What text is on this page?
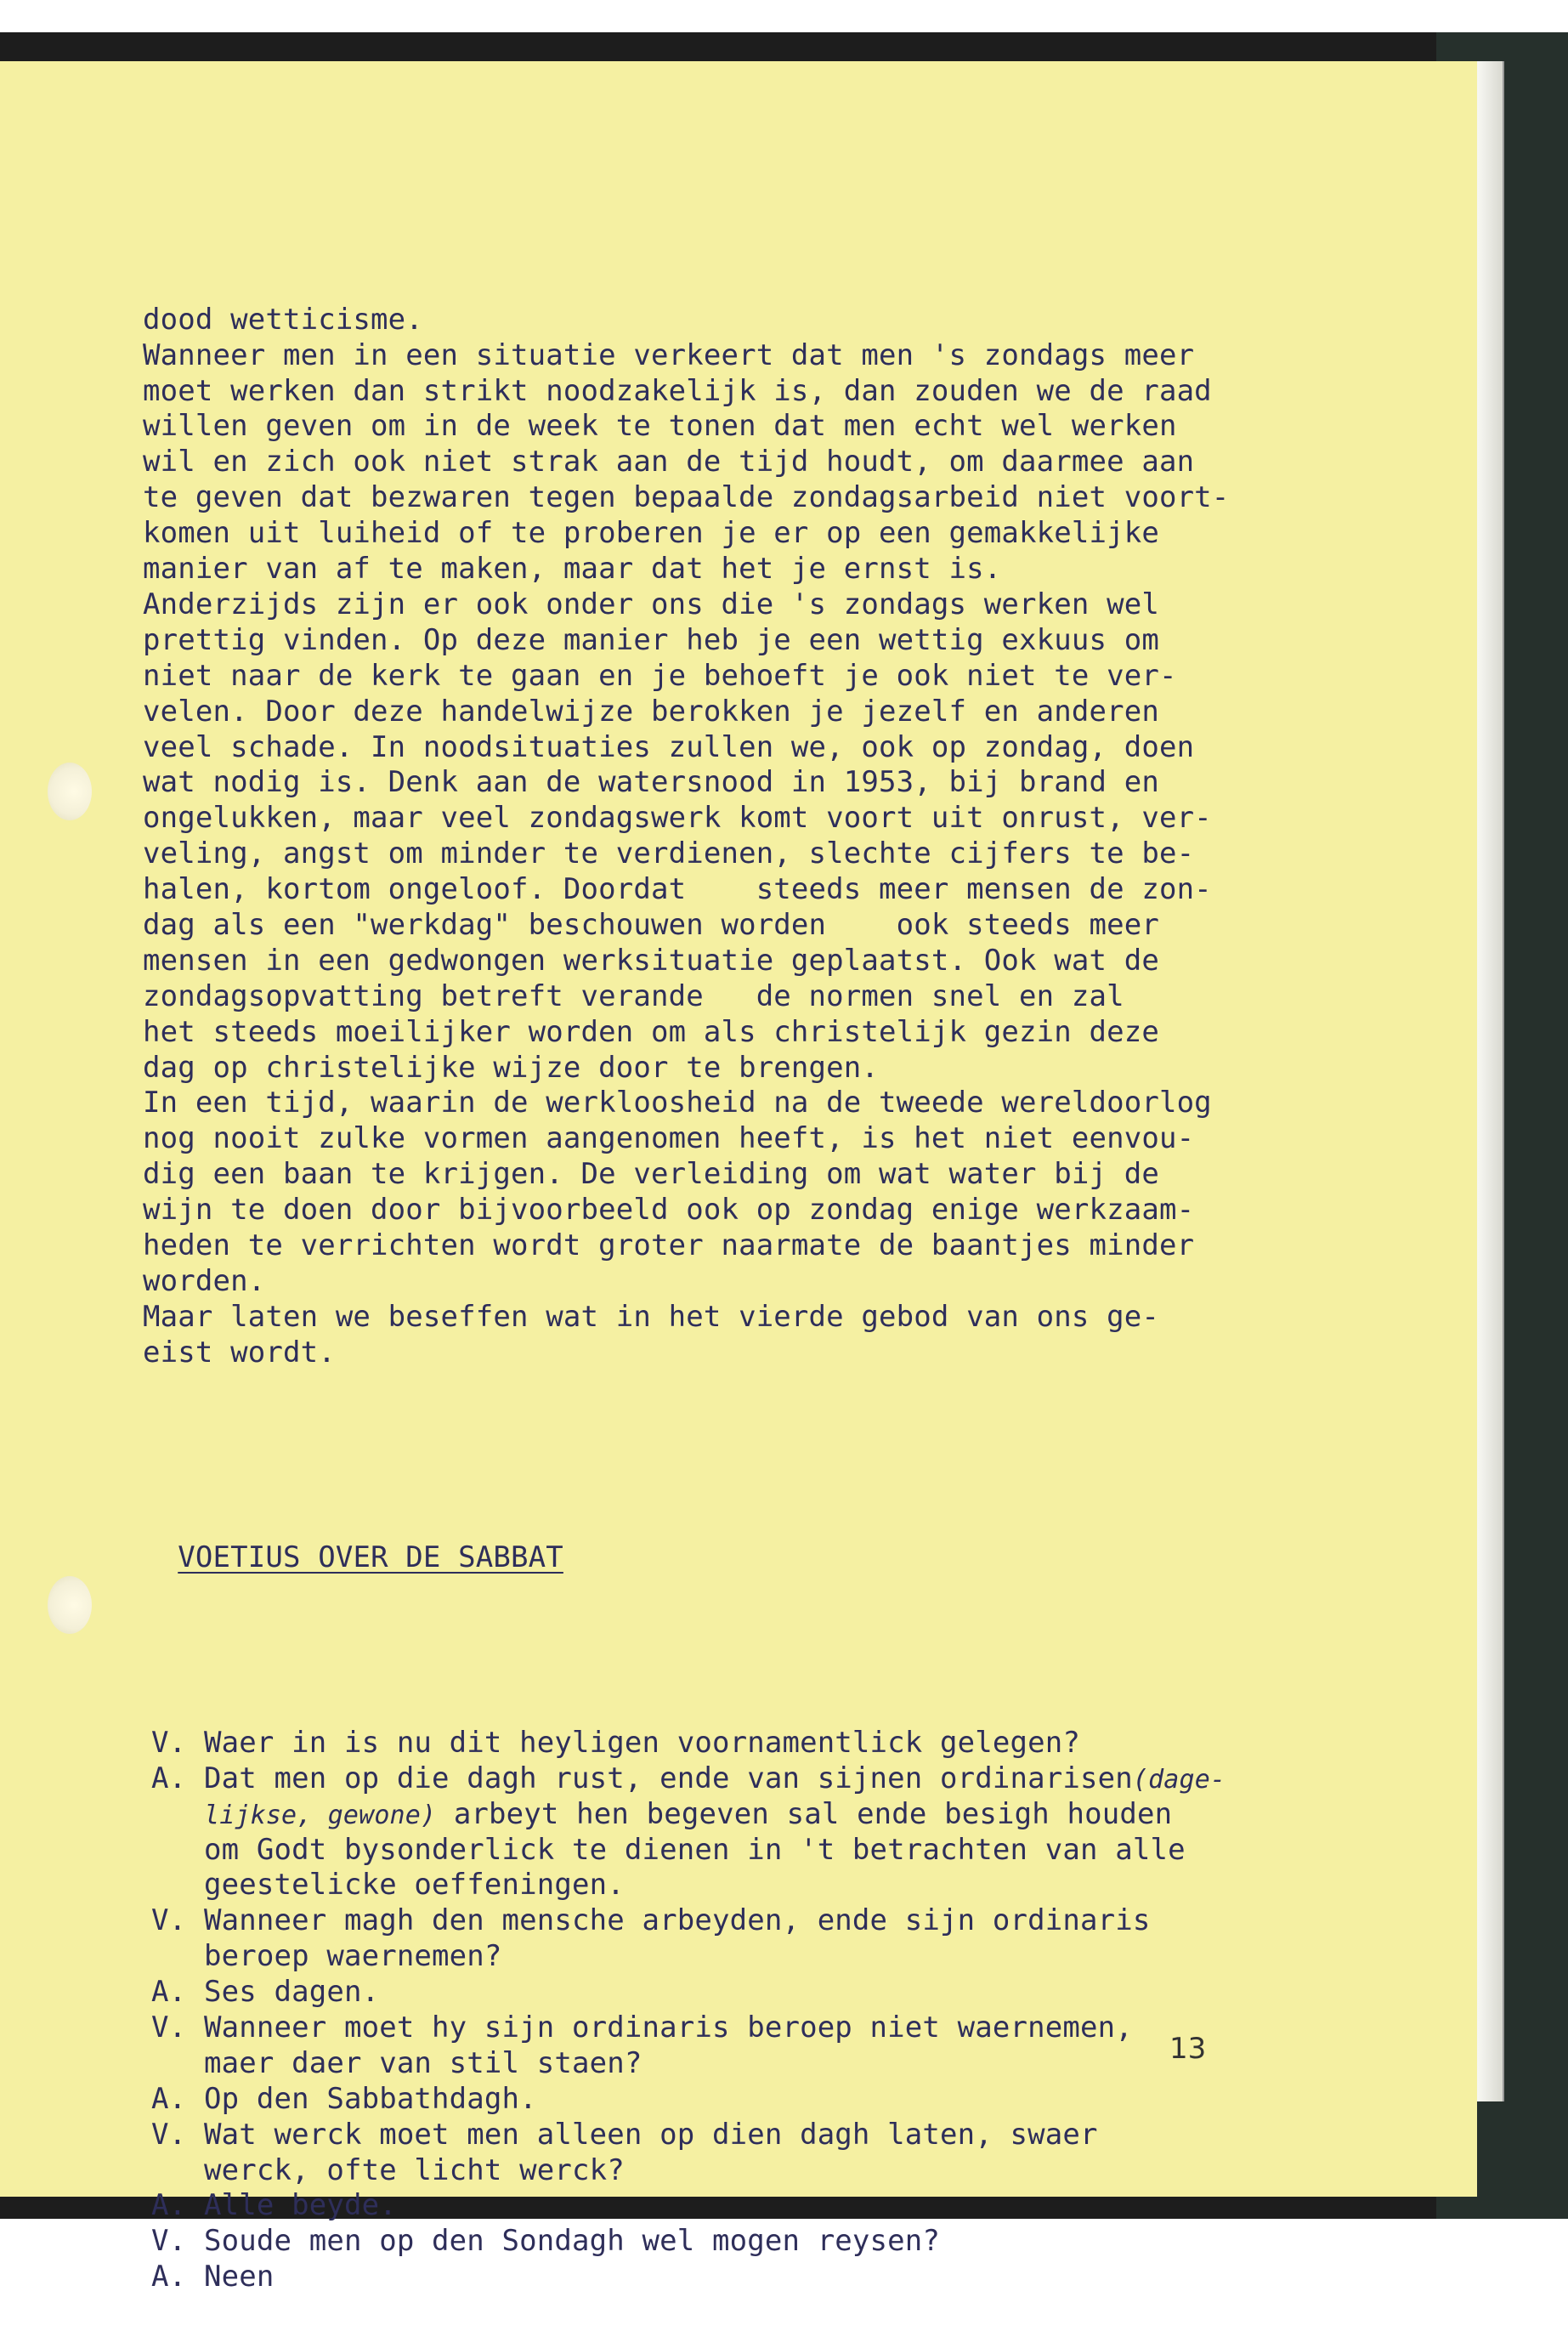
dood wetticisme.
Wanneer men in een situatie verkeert dat men 's zondags meer
moet werken dan strikt noodzakelijk is, dan zouden we de raad
willen geven om in de week te tonen dat men echt wel werken
wil en zich ook niet strak aan de tijd houdt, om daarmee aan
te geven dat bezwaren tegen bepaalde zondagsarbeid niet voort-
komen uit luiheid of te proberen je er op een gemakkelijke
manier van af te maken, maar dat het je ernst is.
Anderzijds zijn er ook onder ons die 's zondags werken wel
prettig vinden. Op deze manier heb je een wettig exkuus om
niet naar de kerk te gaan en je behoeft je ook niet te ver-
velen. Door deze handelwijze berokken je jezelf en anderen
veel schade. In noodsituaties zullen we, ook op zondag, doen
wat nodig is. Denk aan de watersnood in 1953, bij brand en
ongelukken, maar veel zondagswerk komt voort uit onrust, ver-
veling, angst om minder te verdienen, slechte cijfers te be-
halen, kortom ongeloof. Doordat    steeds meer mensen de zon-
dag als een "werkdag" beschouwen worden    ook steeds meer
mensen in een gedwongen werksituatie geplaatst. Ook wat de
zondagsopvatting betreft verande   de normen snel en zal
het steeds moeilijker worden om als christelijk gezin deze
dag op christelijke wijze door te brengen.
In een tijd, waarin de werkloosheid na de tweede wereldoorlog
nog nooit zulke vormen aangenomen heeft, is het niet eenvou-
dig een baan te krijgen. De verleiding om wat water bij de
wijn te doen door bijvoorbeeld ook op zondag enige werkzaam-
heden te verrichten wordt groter naarmate de baantjes minder
worden.
Maar laten we beseffen wat in het vierde gebod van ons ge-
eist wordt.

VOETIUS_OVER_DE_SABBAT

V. Waer in is nu dit heyligen voornamentlick gelegen?
A. Dat men op die dagh rust, ende van sijnen ordinarisen(dage-
lijkse, gewone) arbeyt hen begeven sal ende besigh houden
om Godt bysonderlick te dienen in 't betrachten van alle
geestelicke oeffeningen.
V. Wanneer magh den mensche arbeyden, ende sijn ordinaris
beroep waernemen?
A. Ses dagen.
V. Wanneer moet hy sijn ordinaris beroep niet waernemen,
maer daer van stil staen?
A. Op den Sabbathdagh.
V. Wat werck moet men alleen op dien dagh laten, swaer
werck, ofte licht werck?
A. Alle beyde.
V. Soude men op den Sondagh wel mogen reysen?
A. Neen

13
